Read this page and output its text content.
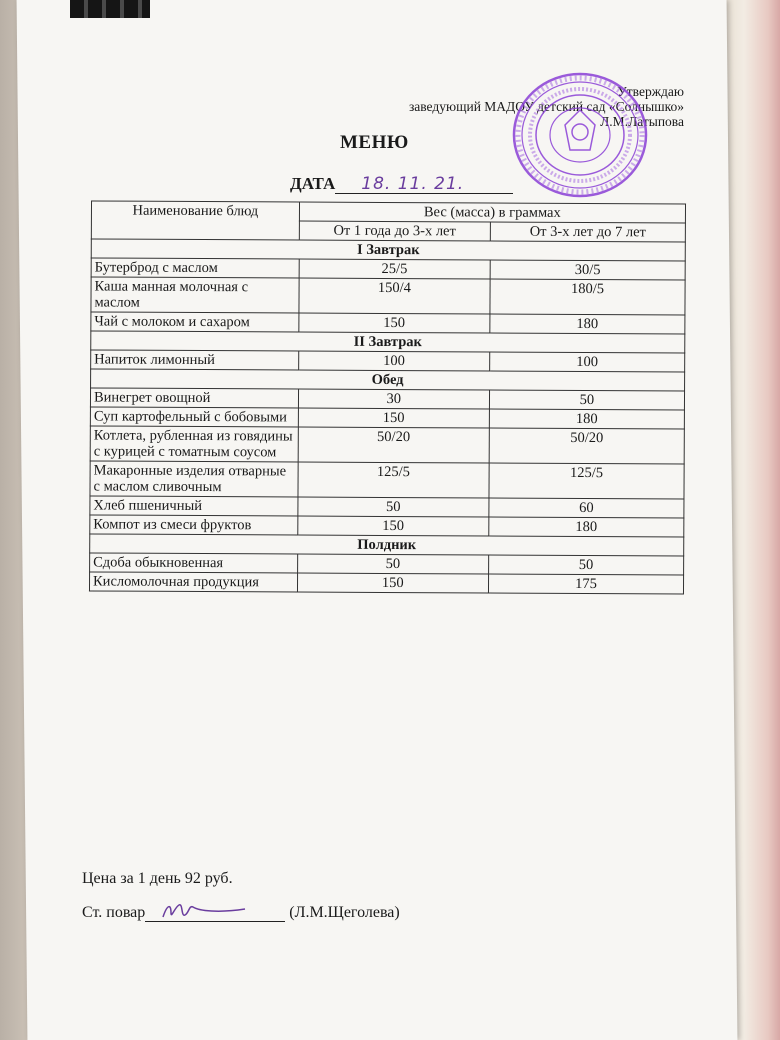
Утверждаю
заведующий МАДОУ детский сад «Солнышко»
Л.М.Латыпова
МЕНЮ
ДАТА 18. 11. 21.
Наименование блюд	Вес (масса) в граммах	
	От 1 года до 3-х лет	От 3-х лет до 7 лет
I Завтрак		
Бутерброд с маслом	25/5	30/5
Каша манная молочная с маслом	150/4	180/5
Чай с молоком и сахаром	150	180
II Завтрак		
Напиток лимонный	100	100
Обед		
Винегрет овощной	30	50
Суп картофельный с бобовыми	150	180
Котлета, рубленная из говядины с курицей с томатным соусом	50/20	50/20
Макаронные изделия отварные с маслом сливочным	125/5	125/5
Хлеб пшеничный	50	60
Компот из смеси фруктов	150	180
Полдник		
Сдоба обыкновенная	50	50
Кисломолочная продукция	150	175
Цена за 1 день 92 руб.
Ст. повар	(Л.М.Щеголева)
